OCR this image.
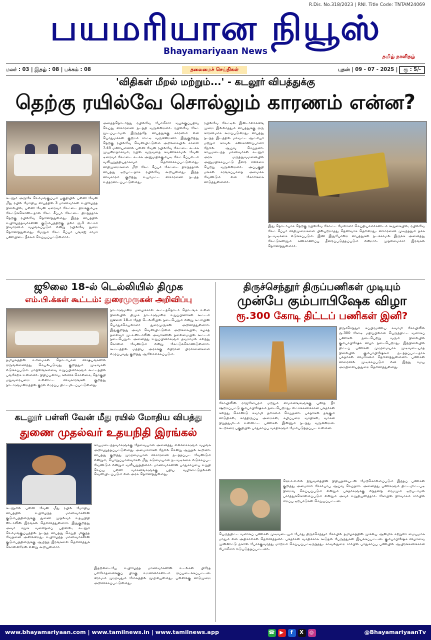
R.Dis. No.318/2023 | RNI. Title Code: TNTAM24069
பயமரியான நியூஸ்
Bhayamariyaan News	தமிழ் நாளிதழ்
மலர் : 03 | இதழ் : 08 | பக்கம் : 08	தலைமைச் செய்திகள்	புதன் | 09 - 07 - 2025 | ரூ : 5/-
'விதிகள் மீறல் மற்றும்...' - கடலூர் விபத்துக்கு
தெற்கு ரயில்வே சொல்லும் காரணம் என்ன?
கடலூர் அருகே செம்மங்குப்பம் பகுதியில் பள்ளி வேன் மீது ரயில் மோதிய விபத்தில் 3 மாணவர்கள் உயிரிழந்த நிலையில், பள்ளி வேன் டிரைவர் கேட்டை திறக்கும்படி கேட்டுக்கொண்டதால் கேட் கீப்பர் கேட்டை திறந்ததாக தெற்கு ரயில்வே தெரிவித்துள்ளது. இந்த விபத்தில் உயிரிழந்தவர்களின் குடும்பத்திற்கு தலா ரூ.5 லட்சம் நிவாரணம் வழங்கப்படும் என்று ரயில்வே துறை தெரிவித்துள்ளது. மேலும் கேட் கீப்பர் பங்கஜ் சர்மா பணியிடை நீக்கம் செய்யப்பட்டுள்ளார்.
அதைத்தொடர்ந்து ரயில்வே போலீசார் வழக்குப்பதிவு செய்து விசாரணை நடத்தி வருகின்றனர். ரயில்வே கேட் மூடப்படாமல் இருந்ததே விபத்துக்கு காரணம் என பொதுமக்கள் குற்றம் சாட்டி வருகின்றனர். இதுகுறித்து தெற்கு ரயில்வே வெளியிட்டுள்ள அறிக்கையில் காலை 7.45 மணியளவில் பள்ளி வேன் ரயில்வே கேட்டை கடக்க முயன்றதாகவும், ரயில் வருவதை கவனிக்காமல் வேன் டிரைவர் கேட்டை கடக்க அனுமதிக்கும்படி கேட் கீப்பரிடம் வலியுறுத்தியதாகவும் தெரிவிக்கப்பட்டுள்ளது. விதிமுறைகளை மீறி கேட் கீப்பர் கேட்டை திறந்ததால் விபத்து ஏற்பட்டதாக ரயில்வே கூறியுள்ளது. இந்த விவகாரம் குறித்து உயர்மட்ட விசாரணை நடத்த உத்தரவிடப்பட்டுள்ளது.
ரயில்வே கேட்டில் இன்டர்லாக்கிங் முறை இல்லாததும் விபத்துக்கு ஒரு காரணமாக கூறப்படுகிறது. விபத்து நடந்த இடத்தில் மாவட்ட ஆட்சியர் மற்றும் காவல் கண்காணிப்பாளர் நேரில் ஆய்வு செய்தனர். காயமடைந்த மாணவர்கள் கடலூர் அரசு மருத்துவமனையில் அனுமதிக்கப்பட்டு தீவிர சிகிச்சை பெற்று வருகின்றனர். அப்பகுதி மக்கள் சுரங்கப்பாதை அமைக்க வேண்டும் என கோரிக்கை விடுத்துள்ளனர்.
இது தொடர்பாக தெற்கு ரயில்வே கோட்ட மேலாளர் செய்தியாளர்களிடம் கூறுகையில், ரயில்வே கேட் கீப்பர் விதிமுறைகளை பின்பற்றாதது தெளிவாக தெரிகிறது. விசாரணை முடிந்ததும் தக்க நடவடிக்கை எடுக்கப்படும். இனி இதுபோன்ற விபத்துகள் நடக்காமல் இருக்க அனைத்து கேட்டுகளிலும் கண்காணிப்பு தீவிரப்படுத்தப்படும் என்றார். முதலமைச்சர் இரங்கல் தெரிவித்துள்ளார்.
ஜூலை 18-ல் டெல்லியில் திமுக
எம்.பி.க்கள் கூட்டம்: துரைமுருகன் அறிவிப்பு
நாடாளுமன்ற மழைக்கால கூட்டத்தொடர் தொடங்க உள்ள நிலையில் திமுக நாடாளுமன்ற உறுப்பினர்கள் கூட்டம் ஜூலை 18-ம் தேதி டெல்லியில் நடைபெறும் என்று கட்சியின் பொதுச்செயலாளர் துரைமுருகன் அறிவித்துள்ளார். இதுகுறித்து அவர் வெளியிட்டுள்ள அறிக்கையில், கழகத் தலைவர் மு.க.ஸ்டாலின் அவர்களின் தலைமையில் கூட்டம் நடைபெறும். அனைத்து உறுப்பினர்களும் தவறாமல் கலந்து கொள்ள வேண்டும் என்று கேட்டுக்கொண்டுள்ளார். கூட்டத்தில் மத்திய அரசுக்கு எதிரான பிரச்சனைகளை எழுப்புவது குறித்து ஆலோசிக்கப்படும்.
தமிழகத்தின் உரிமைகள் தொடர்பான விஷயங்களில் ஒருங்கிணைந்து செயல்படுவது குறித்தும் முடிவுகள் எடுக்கப்படும். மாநிலங்களவை உறுப்பினர்களும் கூட்டத்தில் பங்கேற்க உள்ளனர். நிதிப்பகிர்வு, கல்விக் கொள்கை, தொகுதி மறுவரையறை உள்ளிட்ட விவகாரங்கள் குறித்து நாடாளுமன்றத்தில் குரல் எழுப்ப திட்டமிடப்பட்டுள்ளது.
கடலூர் பள்ளி வேன் மீது ரயில் மோதிய விபத்து
துணை முதல்வர் உதயநிதி இரங்கல்
கடலூரில் பள்ளி வேன் மீது ரயில் மோதிய விபத்தில் உயிரிழந்த மாணவர்களின் குடும்பத்தினருக்கு துணை முதல்வர் உதயநிதி ஸ்டாலின் இரங்கல் தெரிவித்துள்ளார். இதுகுறித்து அவர் சமூக வலைதளப் பதிவில், கடலூர் செம்மங்குப்பத்தில் நடந்த விபத்து செய்தி மிகுந்த வேதனை அளிக்கிறது. உயிரிழந்த மாணவர்களின் குடும்பத்தினருக்கு ஆழ்ந்த இரங்கலை தெரிவித்துக் கொள்கிறேன் என்று கூறியுள்ளார்.
காயமடைந்தவர்களுக்கு தேவையான அனைத்து சிகிச்சைகளும் வழங்க அறிவுறுத்தப்பட்டுள்ளது. அமைச்சர்கள் நேரில் சென்று ஆறுதல் கூறினர். விபத்து குறித்து முழுமையான விசாரணை நடத்தப்பட வேண்டும் என்றும், பொறுப்பானவர்கள் மீது கடுமையான நடவடிக்கை எடுக்கப்பட வேண்டும் என்றும் வலியுறுத்தினார். மாணவர்களின் பாதுகாப்பை உறுதி செய்ய பள்ளி வாகனங்களுக்கு புதிய வழிகாட்டுதல்கள் வெளியிடப்படும் என அரசு தெரிவித்துள்ளது.
இதற்கிடையே உயிரிழந்த மாணவர்களின் உடல்கள் பிரேத பரிசோதனைக்குப் பிறகு உறவினர்களிடம் ஒப்படைக்கப்பட்டன. கிராமம் முழுவதும் சோகத்தில் மூழ்கியுள்ளது. பள்ளிக்கு விடுமுறை அறிவிக்கப்பட்டுள்ளது.
திருச்செந்தூர் திருப்பணிகள் முடியும்
முன்பே கும்பாபிஷேக விழா
ரூ.300 கோடி திட்டப் பணிகள் இனி?
திருச்செந்தூர் சுப்பிரமணிய சுவாமி கோயிலில் ரூ.300 கோடி மதிப்பிலான பெருந்திட்ட வளாகப் பணிகள் நடைபெற்று வரும் நிலையில் கும்பாபிஷேக விழா நடைபெற்றது. இந்நிலையில் திட்டப் பணிகள் முழுமையாக முடிவடையாத நிலையில் கும்பாபிஷேகம் நடத்தப்பட்டதாக பக்தர்கள் விமர்சனம் தெரிவித்துள்ளனர். பணிகள் விரைவில் முடிக்கப்படும் என இந்து சமய அறநிலையத்துறை தெரிவித்துள்ளது.
கோயிலின் ராஜகோபுரம் மற்றும் விமானங்களுக்கு புனித நீர் ஊற்றப்பட்டு கும்பாபிஷேகம் நடைபெற்றது. லட்சக்கணக்கான பக்தர்கள் கலந்து கொண்டு சுவாமி தரிசனம் செய்தனர். பக்தர்கள் தங்கும் விடுதிகள், காத்திருப்பு அறைகள், கழிப்பறை வசதிகள், வாகன நிறுத்துமிடம் உள்ளிட்ட பணிகள் இன்னும் நடந்து வருகின்றன. கடற்கரை பகுதியில் பாதுகாப்பு வசதிகளும் மேம்படுத்தப்பட உள்ளன.
ஹெச்.சி.எல் நிறுவனத்தின் நிதியுதவியுடன் மேற்கொள்ளப்படும் இந்தப் பணிகள் குறித்து அமைச்சர் சேகர்பாபு ஆய்வு செய்தார். அனைத்து பணிகளும் திட்டமிட்டபடி நிறைவு செய்யப்படும் என்றும் பக்தர்களுக்கு எந்தவித சிரமமும் ஏற்படாமல் பார்த்துக்கொள்ளப்படும் என்றும் அவர் உறுதியளித்தார். கோயில் நிர்வாகம் சார்பில் சிறப்பு ஏற்பாடுகள் செய்யப்பட்டன.
பெருந்திட்ட வளாகப் பணிகள் முடிவடையும் போது திருச்செந்தூர் கோயில் தமிழகத்தின் முக்கிய ஆன்மிக சுற்றுலா மையமாக மாறும் என அதிகாரிகள் தெரிவித்தனர். பக்தர்கள் வசதிக்காக கூடுதல் பேருந்துகள் இயக்கப்பட்டன. கும்பாபிஷேக விழாவை முன்னிட்டு நகரில் போக்குவரத்து மாற்றம் செய்யப்பட்டிருந்தது. காவல்துறை சார்பில் பாதுகாப்பு பணியில் ஆயிரக்கணக்கான போலீசார் ஈடுபடுத்தப்பட்டனர்.
www.bhayamariyaan.com | www.tamilnews.in | www.tamilnews.app	☎ ▶	f	X	◎	@BhayamariyaanTv
